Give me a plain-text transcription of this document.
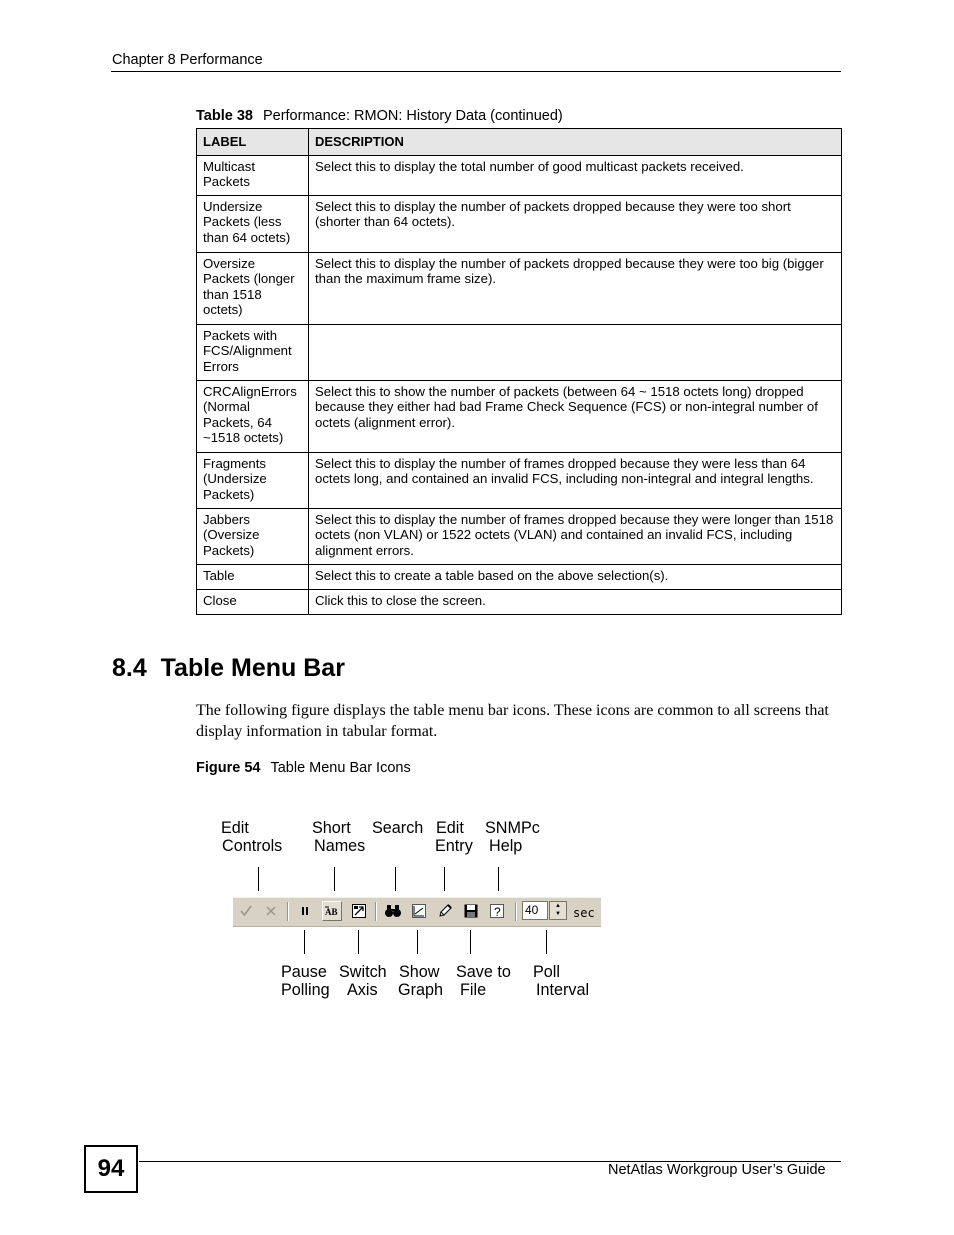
Chapter 8 Performance
Table 38 Performance: RMON: History Data (continued)
LABEL	DESCRIPTION
Multicast Packets	Select this to display the total number of good multicast packets received.
Undersize Packets (less than 64 octets)	Select this to display the number of packets dropped because they were too short (shorter than 64 octets).
Oversize Packets (longer than 1518 octets)	Select this to display the number of packets dropped because they were too big (bigger than the maximum frame size).
Packets with FCS/Alignment Errors	
CRCAlignErrors (Normal Packets, 64 ~1518 octets)	Select this to show the number of packets (between 64 ~ 1518 octets long) dropped because they either had bad Frame Check Sequence (FCS) or non-integral number of octets (alignment error).
Fragments (Undersize Packets)	Select this to display the number of frames dropped because they were less than 64 octets long, and contained an invalid FCS, including non-integral and integral lengths.
Jabbers (Oversize Packets)	Select this to display the number of frames dropped because they were longer than 1518 octets (non VLAN) or 1522 octets (VLAN) and contained an invalid FCS, including alignment errors.
Table	Select this to create a table based on the above selection(s).
Close	Click this to close the screen.
8.4  Table Menu Bar
The following figure displays the table menu bar icons. These icons are common to all screens that display information in tabular format.
Figure 54 Table Menu Bar Icons
Edit
Controls
Short
Names
Search Edit
Entry
SNMPc
Help
AB	? 40	▲
▼	sec
Pause
Polling
Switch
Axis
Show
Graph
Save to
File
Poll
Interval
94	NetAtlas Workgroup User’s Guide
